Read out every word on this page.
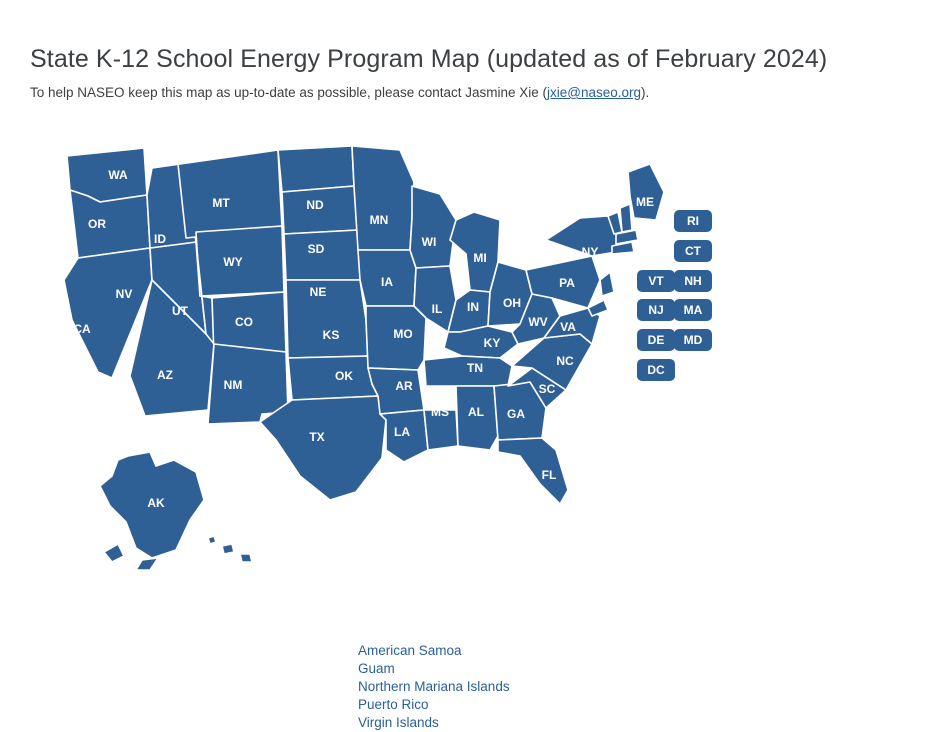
State K-12 School Energy Program Map (updated as of February 2024)
To help NASEO keep this map as up-to-date as possible, please contact Jasmine Xie (jxie@naseo.org).
WA
OR
CA
NV
ID
MT
WY
UT
AZ
CO
NM
ND
SD
NE
KS
OK
TX
MN
IA
MO
AR
LA
WI
IL
MS
MI
IN
KY
TN
AL
OH
WV
GA
SC
NC
VA
PA
NY
ME
FL
AK
HI
RI
CT
VT NH
NJ MA
DE MD
DC
American Samoa
Guam
Northern Mariana Islands
Puerto Rico
Virgin Islands
